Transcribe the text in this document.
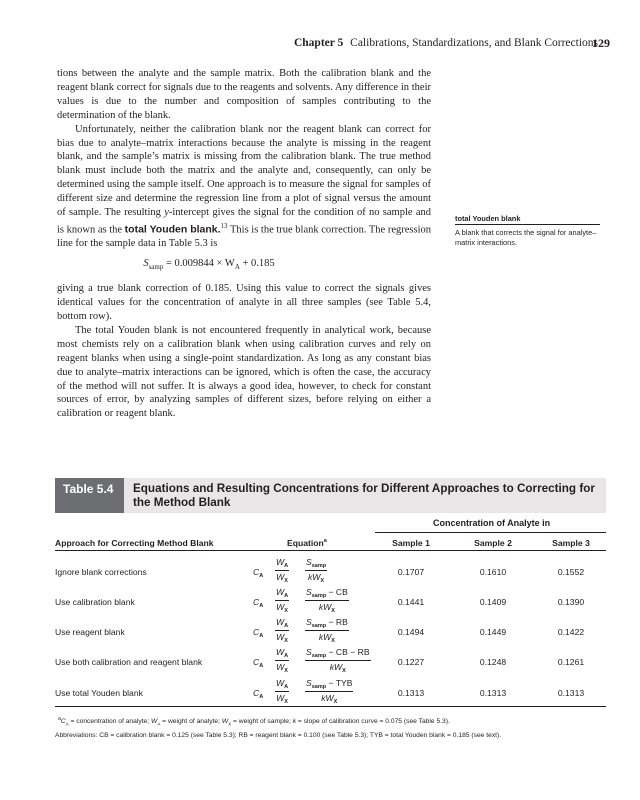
Chapter 5 Calibrations, Standardizations, and Blank Corrections
129

tions between the analyte and the sample matrix. Both the calibration blank and the reagent blank correct for signals due to the reagents and solvents. Any difference in their values is due to the number and composition of samples contributing to the determination of the blank.

Unfortunately, neither the calibration blank nor the reagent blank can correct for bias due to analyte–matrix interactions because the analyte is missing in the reagent blank, and the sample’s matrix is missing from the calibration blank. The true method blank must include both the matrix and the analyte and, consequently, can only be determined using the sample itself. One approach is to measure the signal for samples of different size and determine the regression line from a plot of signal versus the amount of sample. The resulting y-intercept gives the signal for the condition of no sample and is known as the total Youden blank.$^{13}$ This is the true blank correction. The regression line for the sample data in Table 5.3 is

$S_{samp} = 0.009844 \times W_A + 0.185$

giving a true blank correction of 0.185. Using this value to correct the signals gives identical values for the concentration of analyte in all three samples (see Table 5.4, bottom row).

The total Youden blank is not encountered frequently in analytical work, because most chemists rely on a calibration blank when using calibration curves and rely on reagent blanks when using a single-point standardization. As long as any constant bias due to analyte–matrix interactions can be ignored, which is often the case, the accuracy of the method will not suffer. It is always a good idea, however, to check for constant sources of error, by analyzing samples of different sizes, before relying on either a calibration or reagent blank.

total Youden blank
A blank that corrects the signal for analyte–matrix interactions.
Table 5.4	Equations and Resulting Concentrations for Different Approaches to Correcting for the Method Blank
Concentration of Analyte in
Approach for Correcting Method Blank	Equation$^a$	Sample 1	Sample 2	Sample 3
Ignore blank corrections	$C_A \frac{W_A}{W_X} S_{samp}$
$kW_X$
0.1707	0.1610	0.1552
Use calibration blank	$C_A \frac{W_A}{W_X} S_{samp}$ − CB
$kW_X$
0.1441	0.1409	0.1390
Use reagent blank	$C_A \frac{W_A}{W_X} S_{samp}$ − RB
$kW_X$
0.1494	0.1449	0.1422
Use both calibration and reagent blank	$C_A \frac{W_A}{W_X} S_{samp}$ − CB − RB
$kW_X$
0.1227	0.1248	0.1261
Use total Youden blank	$C_A \frac{W_A}{W_X} S_{samp}$ − TYB
$kW_X$
0.1313	0.1313	0.1313

$^aC_A$ = concentration of analyte; $W_A$ = weight of analyte; $W_X$ = weight of sample; k = slope of calibration curve = 0.075 (see Table 5.3).

Abbreviations: CB = calibration blank = 0.125 (see Table 5.3); RB = reagent blank = 0.100 (see Table 5.3); TYB = total Youden blank = 0.185 (see text).
